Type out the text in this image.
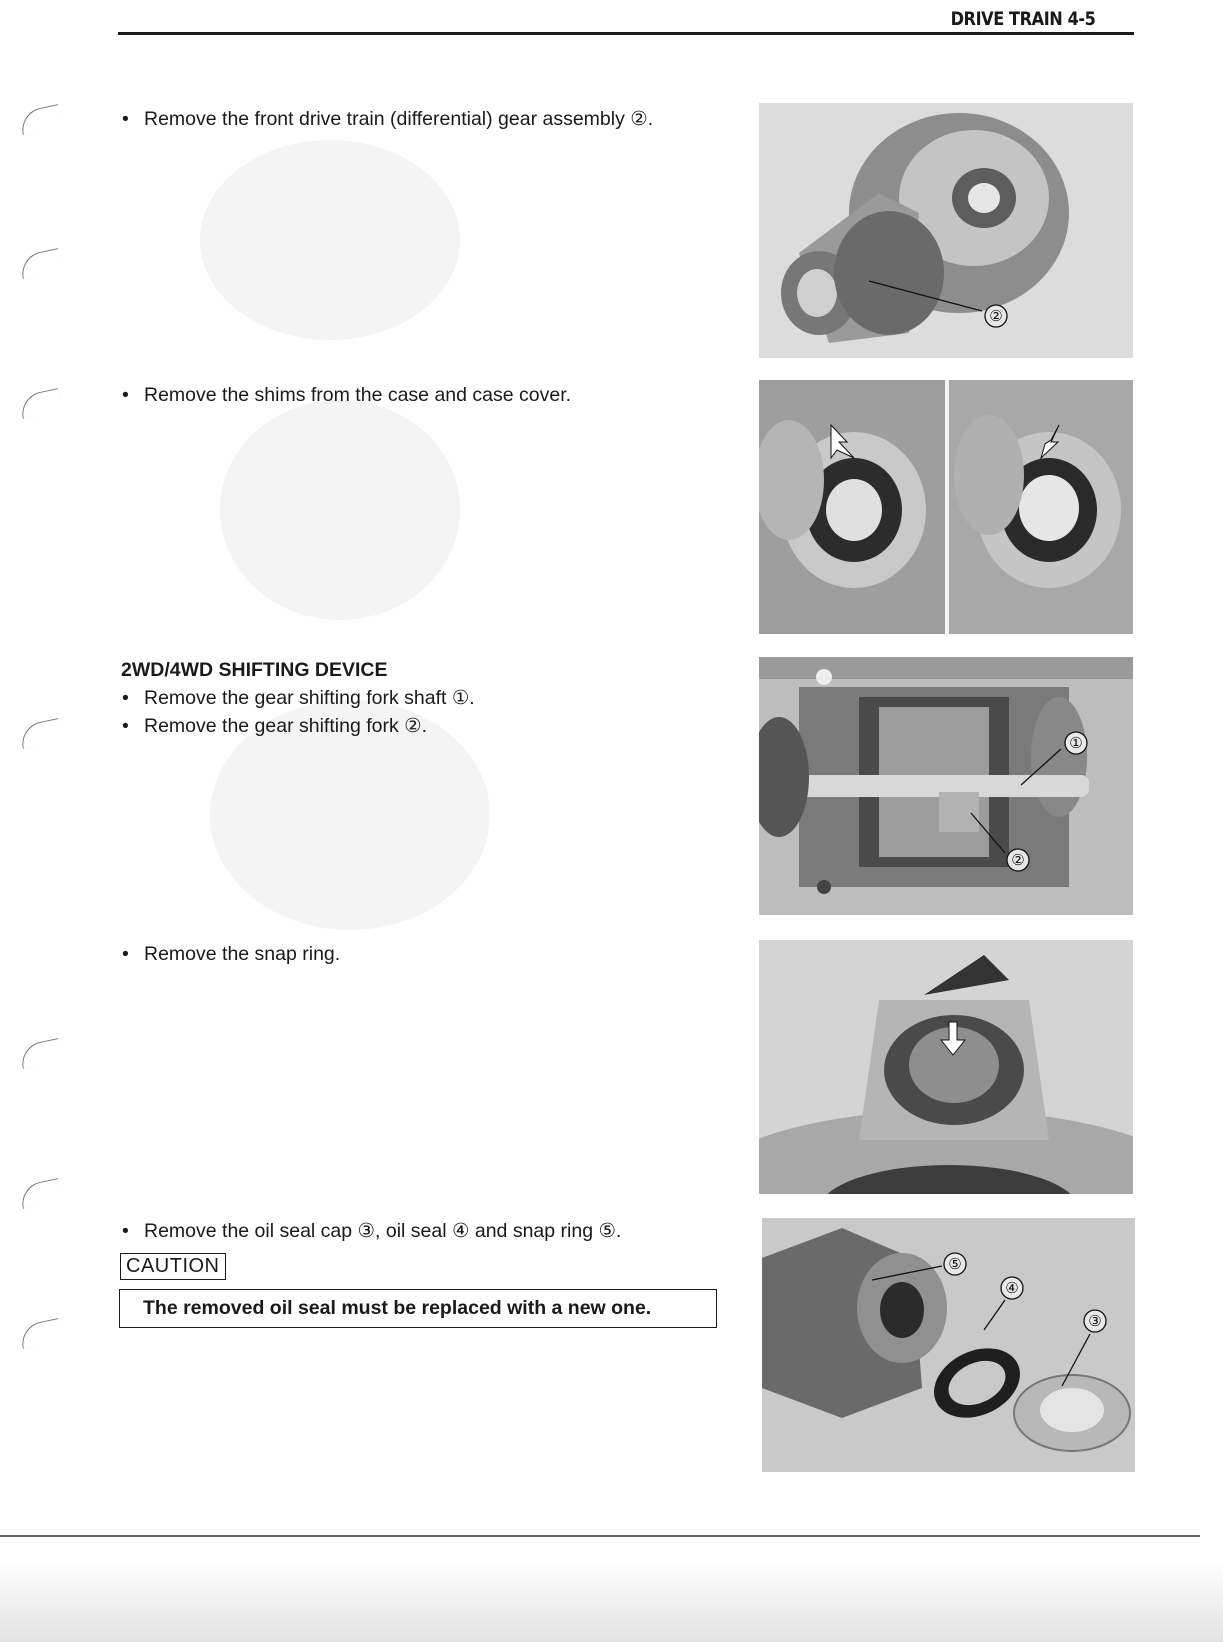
DRIVE TRAIN 4-5
• Remove the front drive train (differential) gear assembly ②.
• Remove the shims from the case and case cover.
2WD/4WD SHIFTING DEVICE
• Remove the gear shifting fork shaft ①.
• Remove the gear shifting fork ②.
• Remove the snap ring.
• Remove the oil seal cap ③, oil seal ④ and snap ring ⑤.
CAUTION
The removed oil seal must be replaced with a new one.
②
①
②
⑤
④
③
